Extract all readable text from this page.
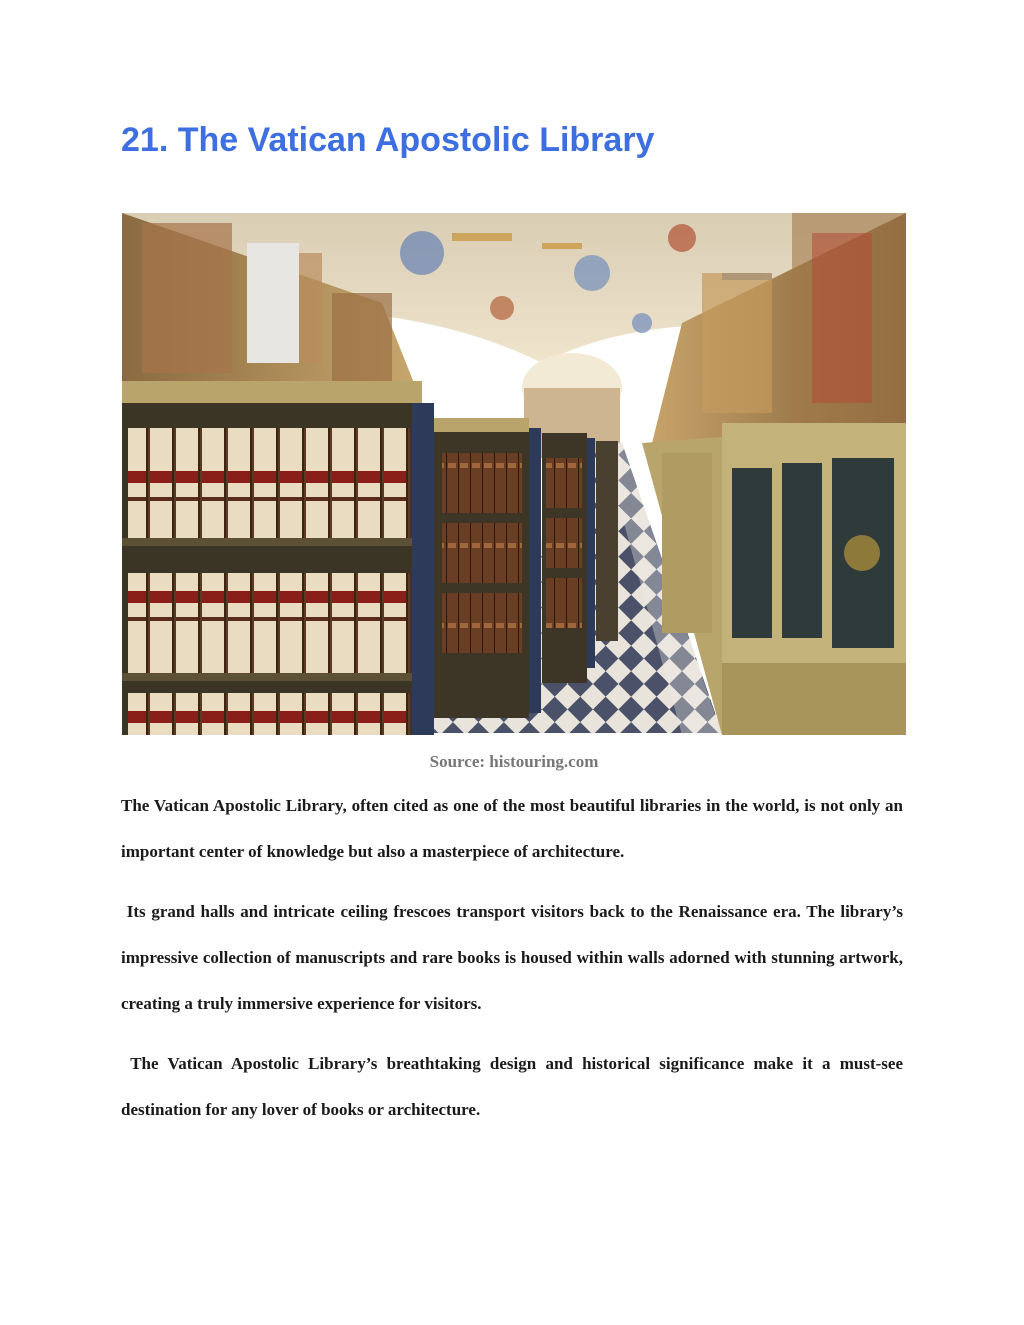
21. The Vatican Apostolic Library
Source: histouring.com

The Vatican Apostolic Library, often cited as one of the most beautiful libraries in the world, is not only an important center of knowledge but also a masterpiece of architecture.

Its grand halls and intricate ceiling frescoes transport visitors back to the Renaissance era. The library’s impressive collection of manuscripts and rare books is housed within walls adorned with stunning artwork, creating a truly immersive experience for visitors.

The Vatican Apostolic Library’s breathtaking design and historical significance make it a must-see destination for any lover of books or architecture.
